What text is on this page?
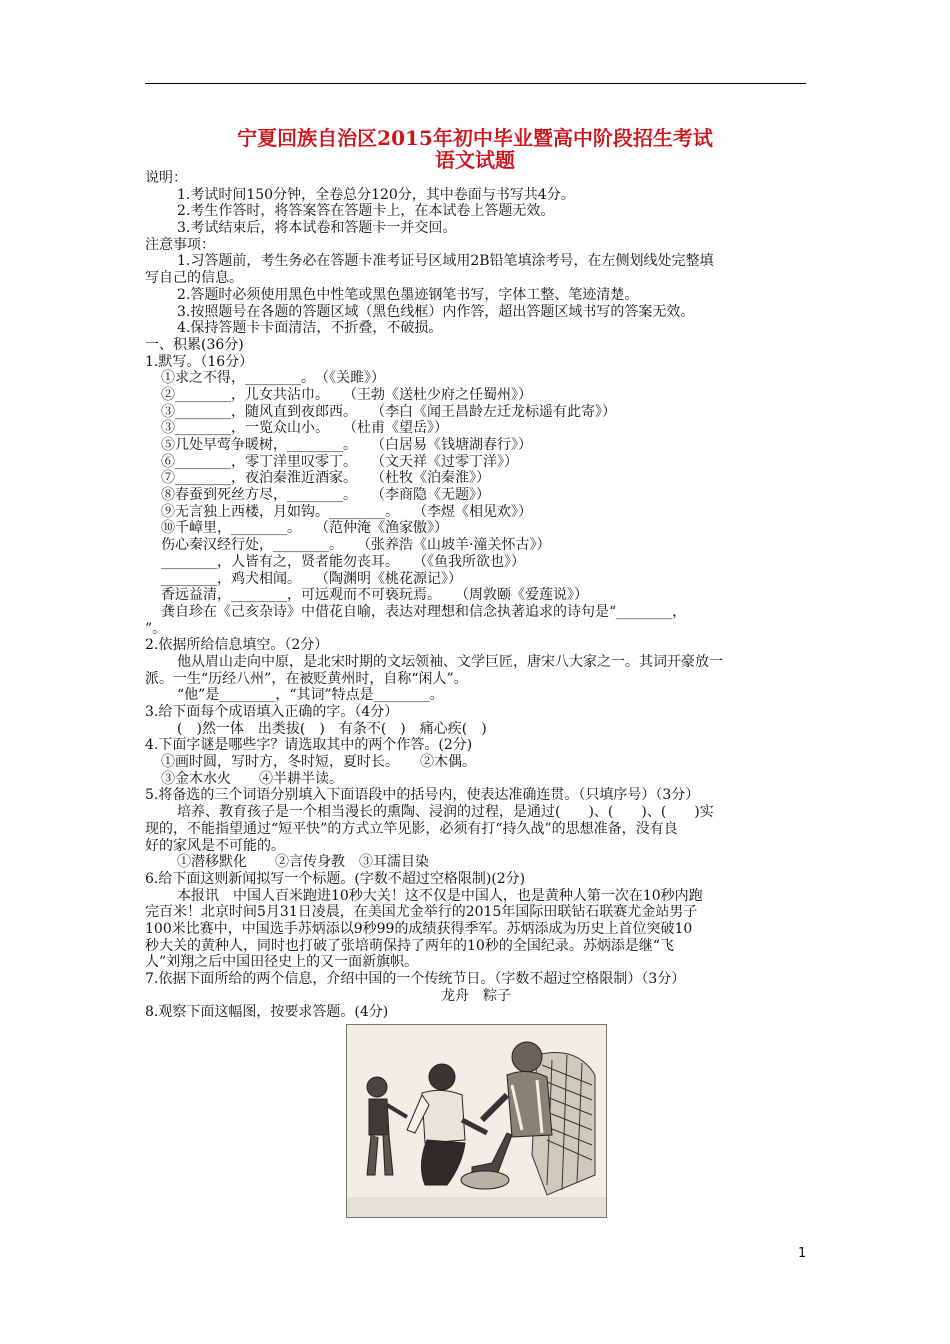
宁夏回族自治区2015年初中毕业暨高中阶段招生考试
语文试题
说明：
1.考试时间150分钟，全卷总分120分，其中卷面与书写共4分。
2.考生作答时，将答案答在答题卡上，在本试卷上答题无效。
3.考试结束后，将本试卷和答题卡一并交回。
注意事项：
1.习答题前，考生务必在答题卡准考证号区域用2B铅笔填涂考号，在左侧划线处完整填
写自己的信息。
2.答题时必须使用黑色中性笔或黑色墨迹钢笔书写，字体工整、笔迹清楚。
3.按照题号在各题的答题区域（黑色线框）内作答，超出答题区域书写的答案无效。
4.保持答题卡卡面清洁，不折叠，不破损。
一、积累(36分)
1.默写。（16分）
①求之不得，________。　（《关雎》）
②________，儿女共沾巾。　　（王勃《送杜少府之任蜀州》）
③________，随风直到夜郎西。　　（李白《闻王昌龄左迁龙标遥有此寄》）
③________，一览众山小。　　（杜甫《望岳》）
⑤几处早莺争暖树，________。　　（白居易《钱塘湖春行》）
⑥________，零丁洋里叹零丁。　　（文天祥《过零丁洋》）
⑦________，夜泊秦淮近酒家。　　（杜牧《泊秦淮》）
⑧春蚕到死丝方尽，________。　　（李商隐《无题》）
⑨无言独上西楼，月如钩。________。　　（李煜《相见欢》）
⑩千嶂里，________。　　（范仲淹《渔家傲》）
伤心秦汉经行处，________。　　（张养浩《山坡羊·潼关怀古》）
________，人皆有之，贤者能勿丧耳。　　（《鱼我所欲也》）
________，鸡犬相闻。　　（陶渊明《桃花源记》）
香远益清，________，可远观而不可亵玩焉。　　（周敦颐《爱莲说》）
龚自珍在《己亥杂诗》中借花自喻，表达对理想和信念执著追求的诗句是“________，
”。
2.依据所给信息填空。（2分）
他从眉山走向中原，是北宋时期的文坛领袖、文学巨匠，唐宋八大家之一。其词开豪放一
派。一生“历经八州”，在被贬黄州时，自称“闲人”。
“他”是________，“其词”特点是________。
3.给下面每个成语填入正确的字。（4分）
(　)然一体　出类拔(　)　有条不(　)　痛心疾(　)
4.下面字谜是哪些字？请选取其中的两个作答。(2分)
①画时圆，写时方，冬时短，夏时长。　　②木偶。
③金木水火　　④半耕半读。
5.将备选的三个词语分别填入下面语段中的括号内，使表达准确连贯。（只填序号）（3分）
培养、教育孩子是一个相当漫长的熏陶、浸润的过程，是通过(　　)、(　　)、(　　)实
现的，不能指望通过“短平快”的方式立竿见影，必须有打“持久战”的思想准备，没有良
好的家风是不可能的。
①潜移默化　　②言传身教　③耳濡目染
6.给下面这则新闻拟写一个标题。(字数不超过空格限制)(2分)
本报讯　中国人百米跑进10秒大关！这不仅是中国人，也是黄种人第一次在10秒内跑
完百米！北京时间5月31日凌晨，在美国尤金举行的2015年国际田联钻石联赛尤金站男子
100米比赛中，中国选手苏炳添以9秒99的成绩获得季军。苏炳添成为历史上首位突破10
秒大关的黄种人，同时也打破了张培萌保持了两年的10秒的全国纪录。苏炳添是继“飞
人”刘翔之后中国田径史上的又一面新旗帜。
7.依据下面所给的两个信息，介绍中国的一个传统节日。（字数不超过空格限制）（3分）
龙舟　粽子
8.观察下面这幅图，按要求答题。(4分)
1
